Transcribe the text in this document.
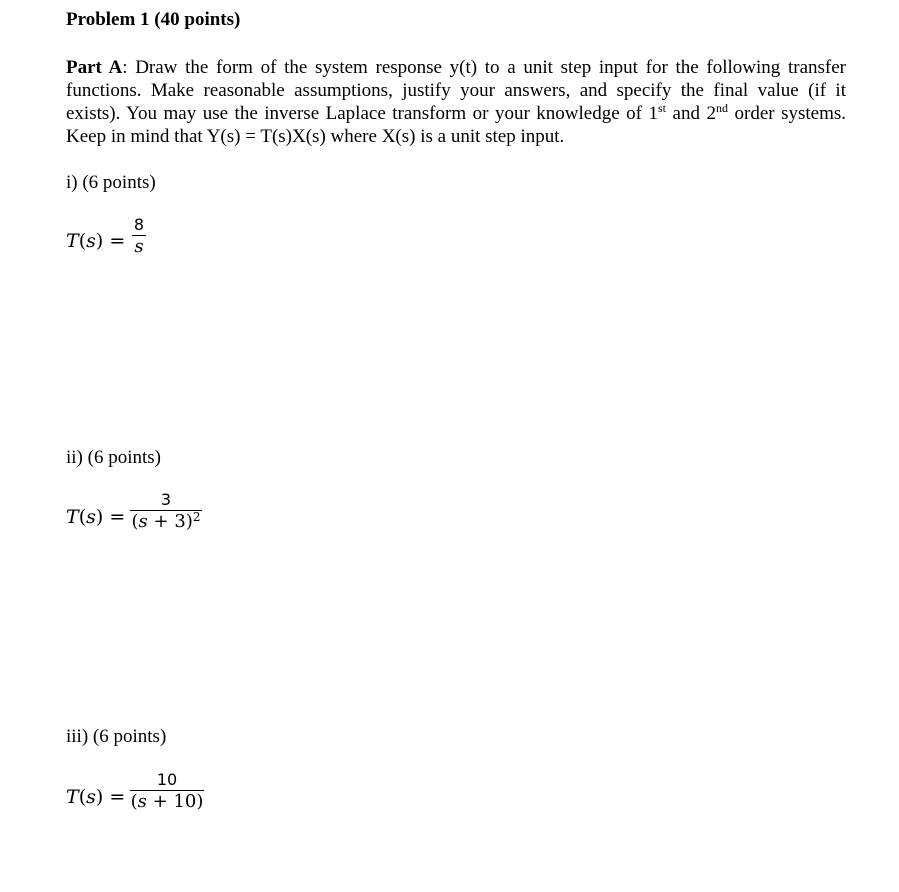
Problem 1 (40 points)
Part A: Draw the form of the system response y(t) to a unit step input for the following transfer
functions. Make reasonable assumptions, justify your answers, and specify the final value (if it
exists). You may use the inverse Laplace transform or your knowledge of 1st and 2nd order systems.
Keep in mind that Y(s) = T(s)X(s) where X(s) is a unit step input.
i) (6 points)
T(s) =
8
s
ii) (6 points)
T(s) =
3
$(s + 3)^2$
iii) (6 points)
T(s) =
10
(s + 10)
